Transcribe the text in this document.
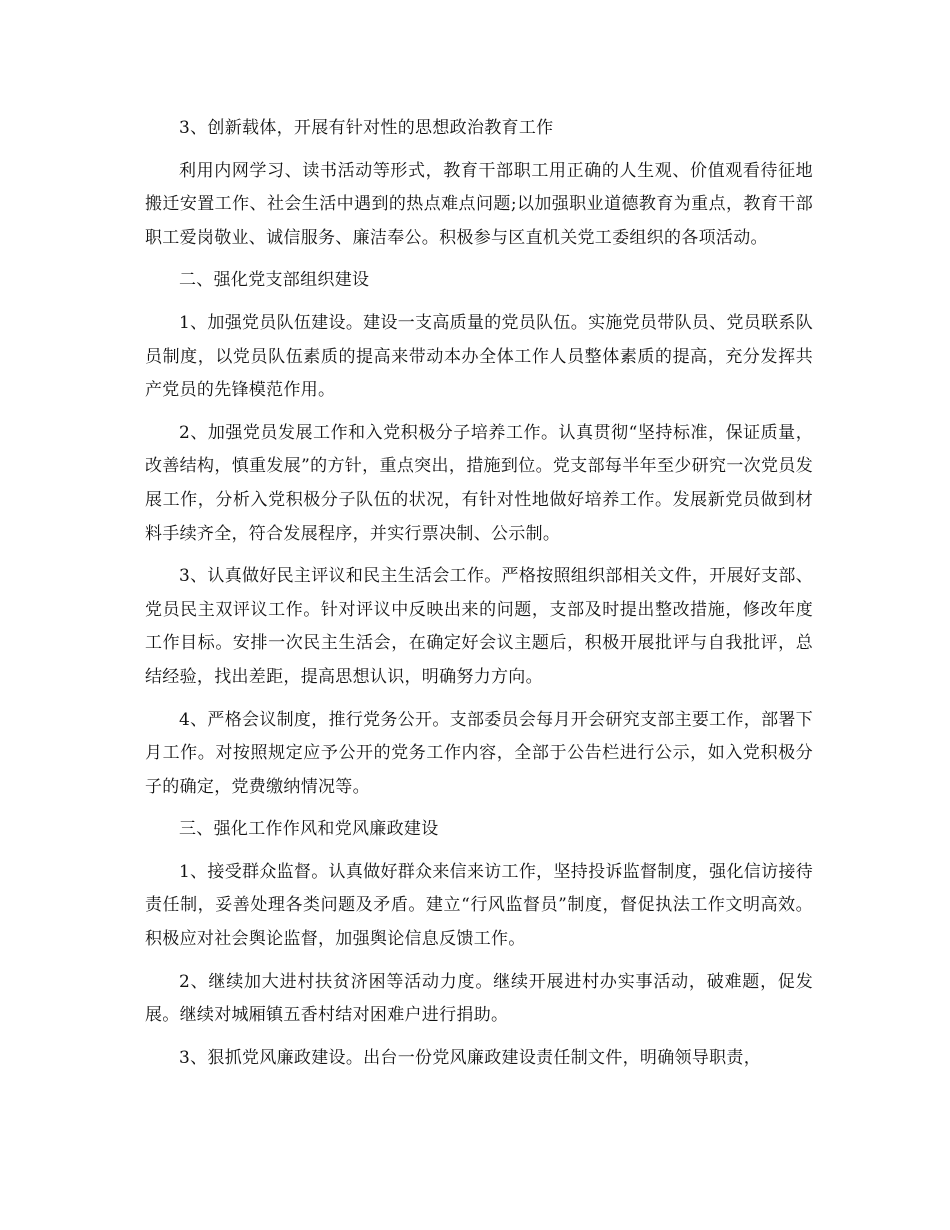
3、创新载体，开展有针对性的思想政治教育工作

利用内网学习、读书活动等形式，教育干部职工用正确的人生观、价值观看待征地搬迁安置工作、社会生活中遇到的热点难点问题;以加强职业道德教育为重点，教育干部职工爱岗敬业、诚信服务、廉洁奉公。积极参与区直机关党工委组织的各项活动。

二、强化党支部组织建设

1、加强党员队伍建设。建设一支高质量的党员队伍。实施党员带队员、党员联系队员制度，以党员队伍素质的提高来带动本办全体工作人员整体素质的提高，充分发挥共产党员的先锋模范作用。

2、加强党员发展工作和入党积极分子培养工作。认真贯彻“坚持标准，保证质量，改善结构，慎重发展”的方针，重点突出，措施到位。党支部每半年至少研究一次党员发展工作，分析入党积极分子队伍的状况，有针对性地做好培养工作。发展新党员做到材料手续齐全，符合发展程序，并实行票决制、公示制。

3、认真做好民主评议和民主生活会工作。严格按照组织部相关文件，开展好支部、党员民主双评议工作。针对评议中反映出来的问题，支部及时提出整改措施，修改年度工作目标。安排一次民主生活会，在确定好会议主题后，积极开展批评与自我批评，总结经验，找出差距，提高思想认识，明确努力方向。

4、严格会议制度，推行党务公开。支部委员会每月开会研究支部主要工作，部署下月工作。对按照规定应予公开的党务工作内容，全部于公告栏进行公示，如入党积极分子的确定，党费缴纳情况等。

三、强化工作作风和党风廉政建设

1、接受群众监督。认真做好群众来信来访工作，坚持投诉监督制度，强化信访接待责任制，妥善处理各类问题及矛盾。建立“行风监督员”制度，督促执法工作文明高效。积极应对社会舆论监督，加强舆论信息反馈工作。

2、继续加大进村扶贫济困等活动力度。继续开展进村办实事活动，破难题，促发展。继续对城厢镇五香村结对困难户进行捐助。

3、狠抓党风廉政建设。出台一份党风廉政建设责任制文件，明确领导职责，
